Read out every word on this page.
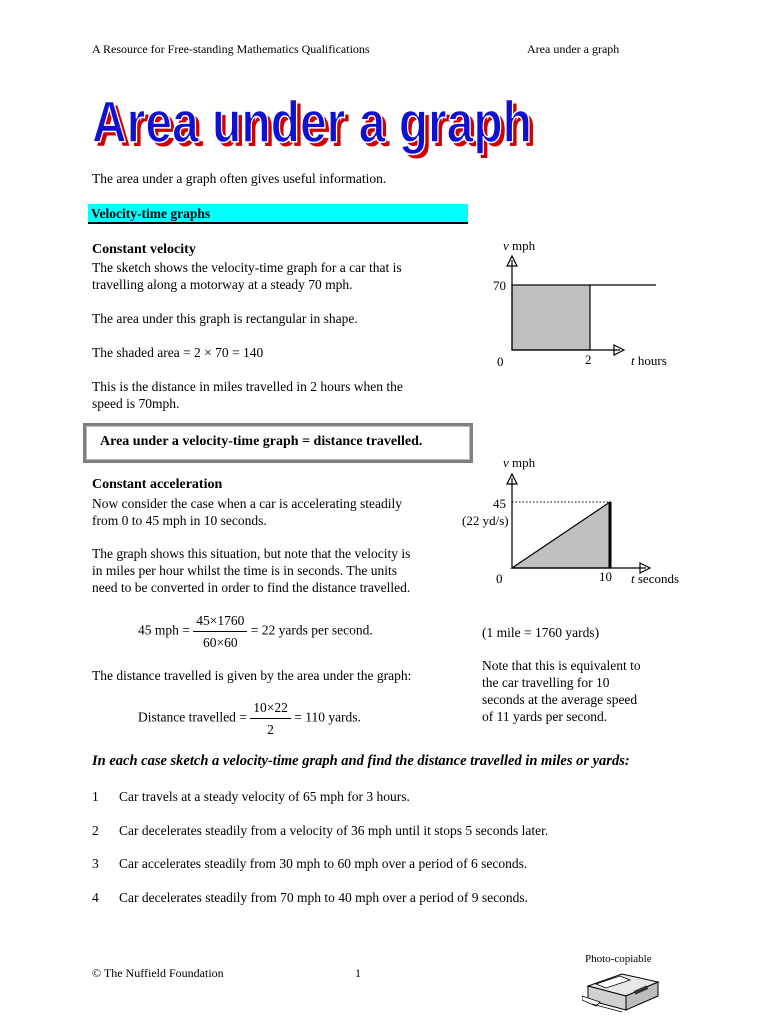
A Resource for Free-standing Mathematics Qualifications	Area under a graph
Area under a graph
Area under a graph
The area under a graph often gives useful information.
Velocity-time graphs
Constant velocity
The sketch shows the velocity-time graph for a car that is
travelling along a motorway at a steady 70 mph.
The area under this graph is rectangular in shape.
The shaded area = 2 × 70 = 140
This is the distance in miles travelled in 2 hours when the
speed is 70mph.
v mph
70
0	2	t hours
Area under a velocity-time graph = distance travelled.
v mph
45
(22 yd/s)
0	10 t seconds
Constant acceleration
Now consider the case when a car is accelerating steadily
from 0 to 45 mph in 10 seconds.
The graph shows this situation, but note that the velocity is
in miles per hour whilst the time is in seconds. The units
need to be converted in order to find the distance travelled.
45 mph = $\frac{45\times 1760}{60\times 60} = 22$ yards per second.	(1 mile = 1760 yards)
The distance travelled is given by the area under the graph:
Distance travelled = $\frac{10\times 22}{2} = 110$ yards.
Note that this is equivalent to
the car travelling for 10
seconds at the average speed
of 11 yards per second.
In each case sketch a velocity-time graph and find the distance travelled in miles or yards:
1 Car travels at a steady velocity of 65 mph for 3 hours.
2 Car decelerates steadily from a velocity of 36 mph until it stops 5 seconds later.
3 Car accelerates steadily from 30 mph to 60 mph over a period of 6 seconds.
4 Car decelerates steadily from 70 mph to 40 mph over a period of 9 seconds.
© The Nuffield Foundation	1
Photo-copiable
